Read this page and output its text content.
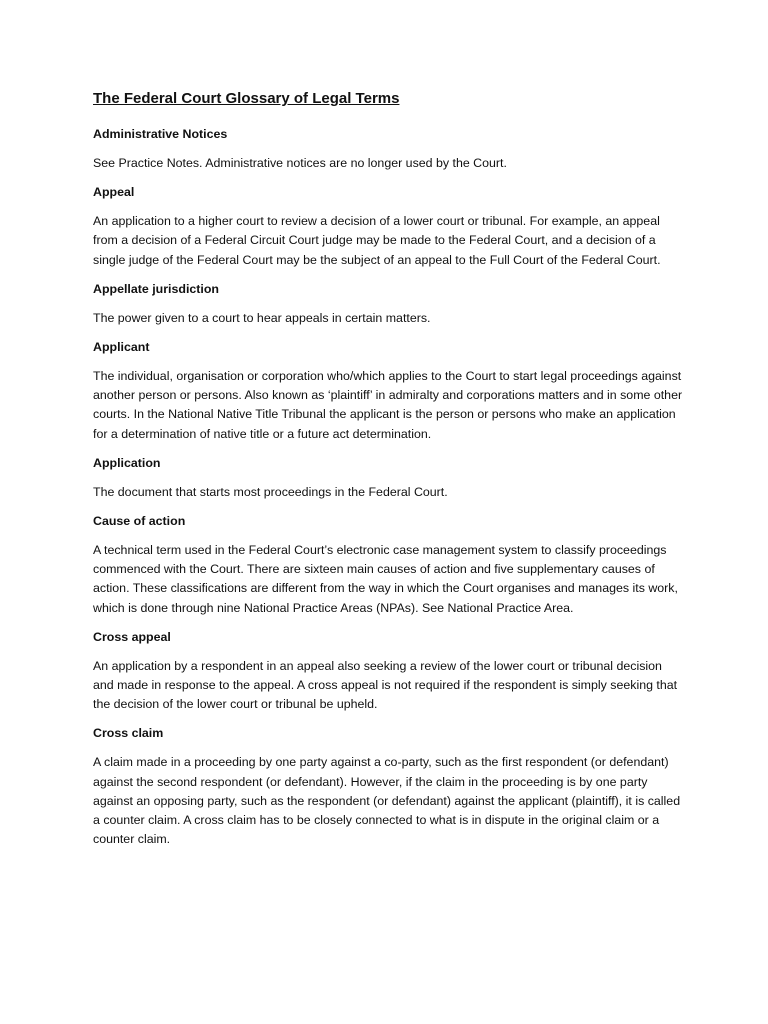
The Federal Court Glossary of Legal Terms
Administrative Notices

See Practice Notes. Administrative notices are no longer used by the Court.

Appeal

An application to a higher court to review a decision of a lower court or tribunal. For example, an appeal from a decision of a Federal Circuit Court judge may be made to the Federal Court, and a decision of a single judge of the Federal Court may be the subject of an appeal to the Full Court of the Federal Court.

Appellate jurisdiction

The power given to a court to hear appeals in certain matters.

Applicant

The individual, organisation or corporation who/which applies to the Court to start legal proceedings against another person or persons. Also known as ‘plaintiff’ in admiralty and corporations matters and in some other courts. In the National Native Title Tribunal the applicant is the person or persons who make an application for a determination of native title or a future act determination.

Application

The document that starts most proceedings in the Federal Court.

Cause of action

A technical term used in the Federal Court’s electronic case management system to classify proceedings commenced with the Court. There are sixteen main causes of action and five supplementary causes of action. These classifications are different from the way in which the Court organises and manages its work, which is done through nine National Practice Areas (NPAs). See National Practice Area.

Cross appeal

An application by a respondent in an appeal also seeking a review of the lower court or tribunal decision and made in response to the appeal. A cross appeal is not required if the respondent is simply seeking that the decision of the lower court or tribunal be upheld.

Cross claim

A claim made in a proceeding by one party against a co-party, such as the first respondent (or defendant) against the second respondent (or defendant). However, if the claim in the proceeding is by one party against an opposing party, such as the respondent (or defendant) against the applicant (plaintiff), it is called a counter claim. A cross claim has to be closely connected to what is in dispute in the original claim or a counter claim.
